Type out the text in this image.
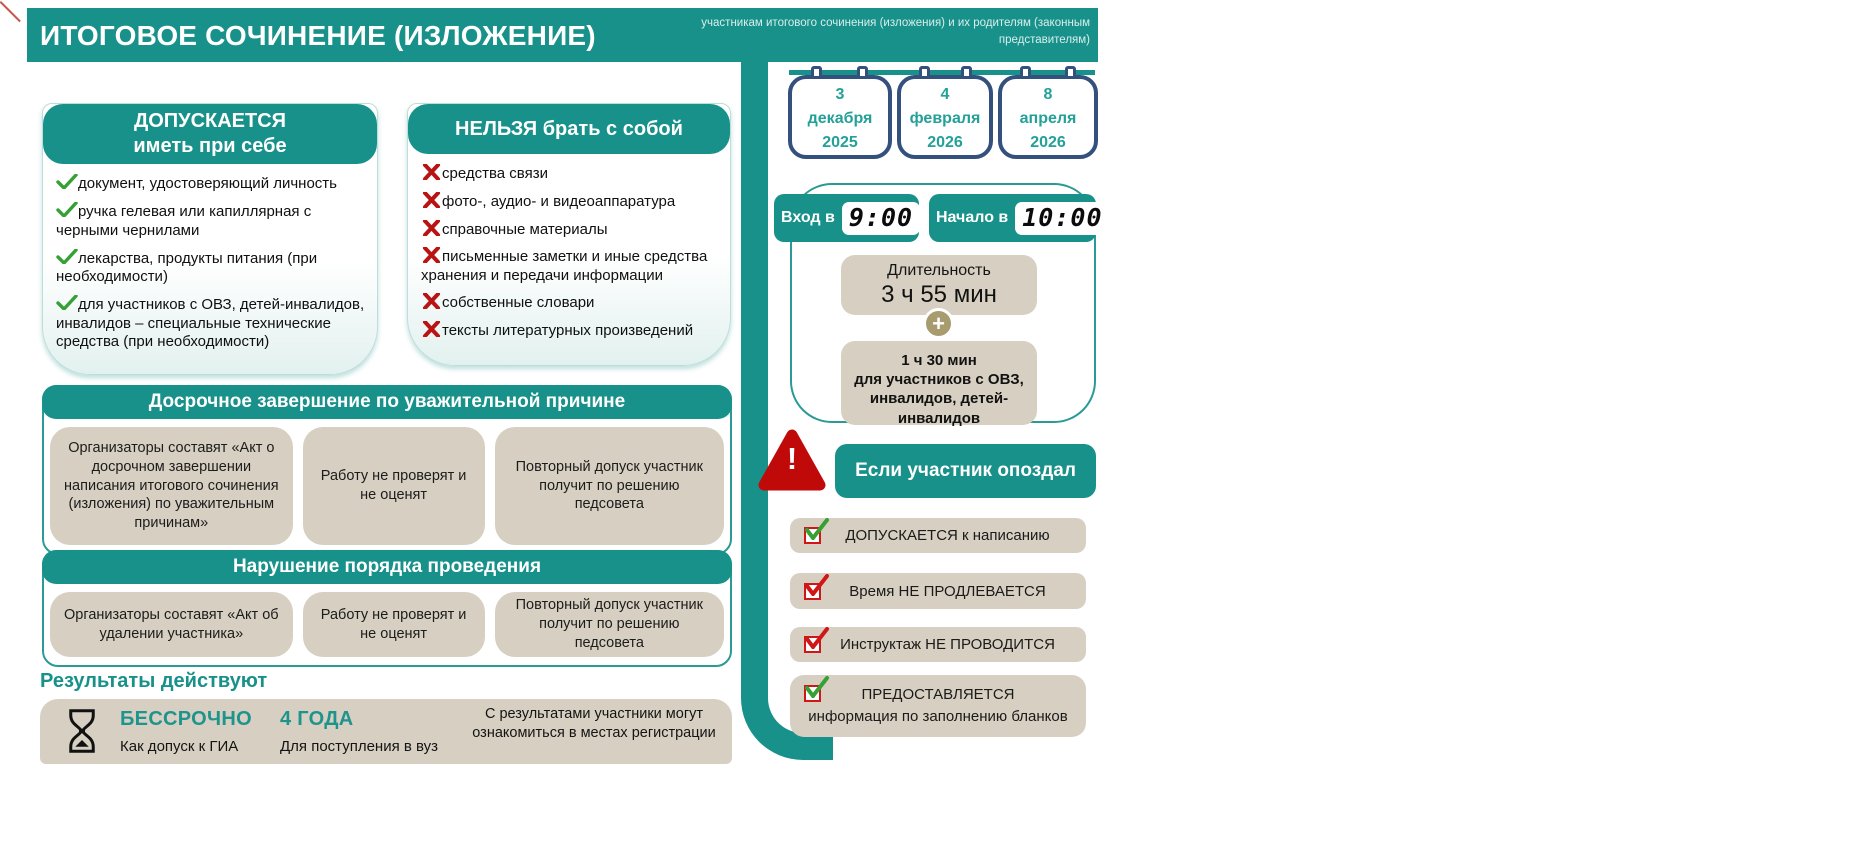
ИТОГОВОЕ СОЧИНЕНИЕ (ИЗЛОЖЕНИЕ)	участникам итогового сочинения (изложения) и их родителям (законным представителям)
ДОПУСКАЕТСЯ
иметь при себе
документ, удостоверяющий личность
ручка гелевая или капиллярная с черными чернилами
лекарства, продукты питания (при необходимости)
для участников с ОВЗ, детей-инвалидов, инвалидов – специальные технические средства (при необходимости)
НЕЛЬЗЯ брать с собой
средства связи
фото-, аудио- и видеоаппаратура
справочные материалы
письменные заметки и иные средства хранения и передачи информации
собственные словари
тексты литературных произведений
Досрочное завершение по уважительной причине
Организаторы составят «Акт о досрочном завершении написания итогового сочинения (изложения) по уважительным причинам»
Работу не проверят и не оценят
Повторный допуск участник получит по решению педсовета
Нарушение порядка проведения
Организаторы составят «Акт об удалении участника»
Работу не проверят и не оценят
Повторный допуск участник получит по решению педсовета
Результаты действуют
БЕССРОЧНО
Как допуск к ГИА
4 ГОДА
Для поступления в вуз
С результатами участники могут ознакомиться в местах регистрации
3
декабря
2025
4
февраля
2026
8
апреля
2026
Вход в 9:00	Начало в 10:00
Длительность
3 ч 55 мин
+
1 ч 30 мин
для участников с ОВЗ, инвалидов, детей-инвалидов
!	Если участник опоздал
ДОПУСКАЕТСЯ к написанию
Время НЕ ПРОДЛЕВАЕТСЯ
Инструктаж НЕ ПРОВОДИТСЯ
ПРЕДОСТАВЛЯЕТСЯ
информация по заполнению бланков
